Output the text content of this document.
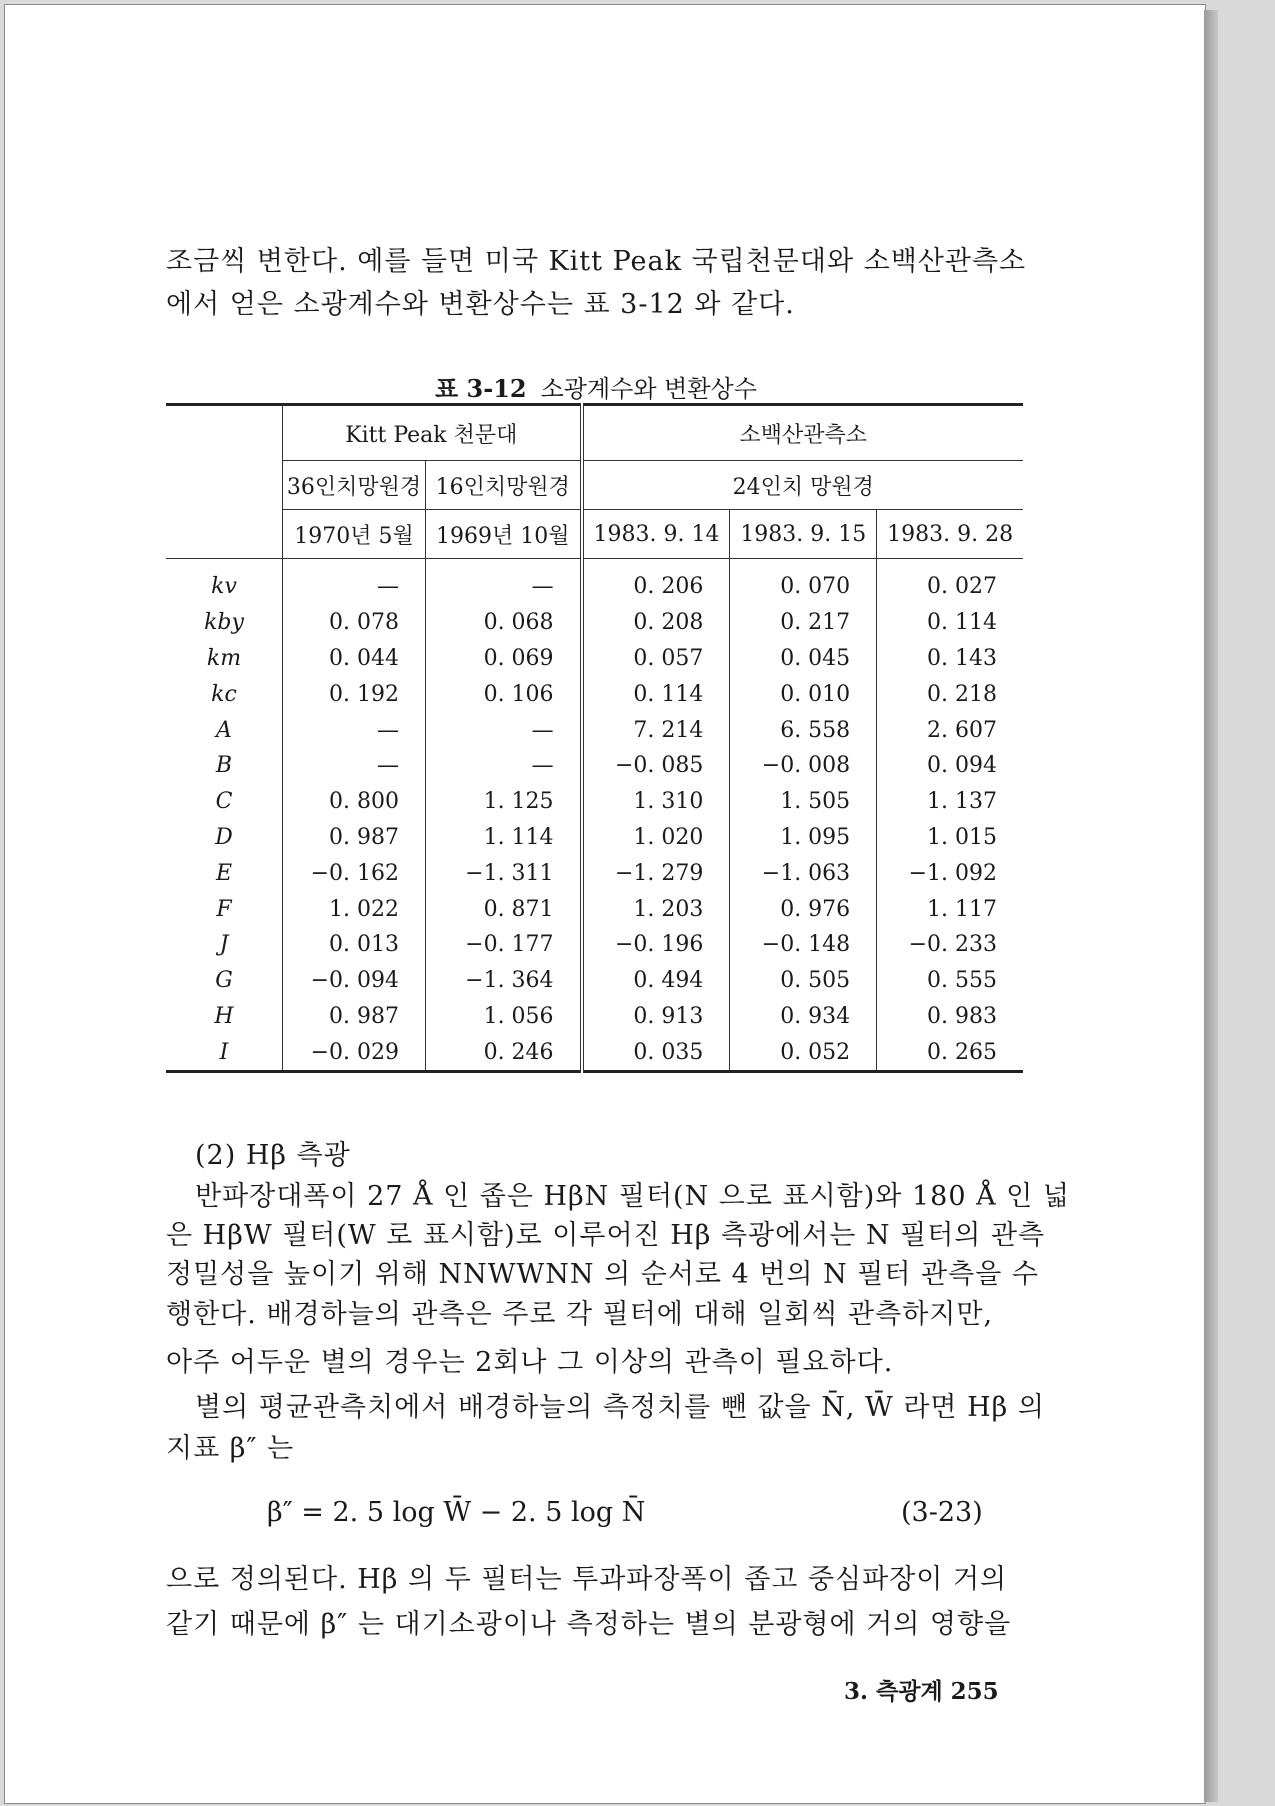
조금씩 변한다. 예를 들면 미국 Kitt Peak 국립천문대와 소백산관측소
에서 얻은 소광계수와 변환상수는 표 3-12 와 같다.
표 3-12 소광계수와 변환상수
	Kitt Peak 천문대		소백산관측소		
	36인치망원경	16인치망원경	24인치 망원경		
	1970년 5월	1969년 10월	1983. 9. 14	1983. 9. 15	1983. 9. 28
kv	—	—	0. 206	0. 070	0. 027
kby	0. 078	0. 068	0. 208	0. 217	0. 114
km	0. 044	0. 069	0. 057	0. 045	0. 143
kc	0. 192	0. 106	0. 114	0. 010	0. 218
A	—	—	7. 214	6. 558	2. 607
B	—	—	−0. 085	−0. 008	0. 094
C	0. 800	1. 125	1. 310	1. 505	1. 137
D	0. 987	1. 114	1. 020	1. 095	1. 015
E	−0. 162	−1. 311	−1. 279	−1. 063	−1. 092
F	1. 022	0. 871	1. 203	0. 976	1. 117
J	0. 013	−0. 177	−0. 196	−0. 148	−0. 233
G	−0. 094	−1. 364	0. 494	0. 505	0. 555
H	0. 987	1. 056	0. 913	0. 934	0. 983
I	−0. 029	0. 246	0. 035	0. 052	0. 265
(2) Hβ 측광
반파장대폭이 27 Å 인 좁은 HβN 필터(N 으로 표시함)와 180 Å 인 넓
은 HβW 필터(W 로 표시함)로 이루어진 Hβ 측광에서는 N 필터의 관측
정밀성을 높이기 위해 NNWWNN 의 순서로 4 번의 N 필터 관측을 수
행한다. 배경하늘의 관측은 주로 각 필터에 대해 일회씩 관측하지만,
아주 어두운 별의 경우는 2회나 그 이상의 관측이 필요하다.
별의 평균관측치에서 배경하늘의 측정치를 뺀 값을 N̄, W̄ 라면 Hβ 의
지표 β″ 는
β″ = 2. 5 log W̄ − 2. 5 log N̄	(3-23)
으로 정의된다. Hβ 의 두 필터는 투과파장폭이 좁고 중심파장이 거의
같기 때문에 β″ 는 대기소광이나 측정하는 별의 분광형에 거의 영향을
3. 측광계 255
